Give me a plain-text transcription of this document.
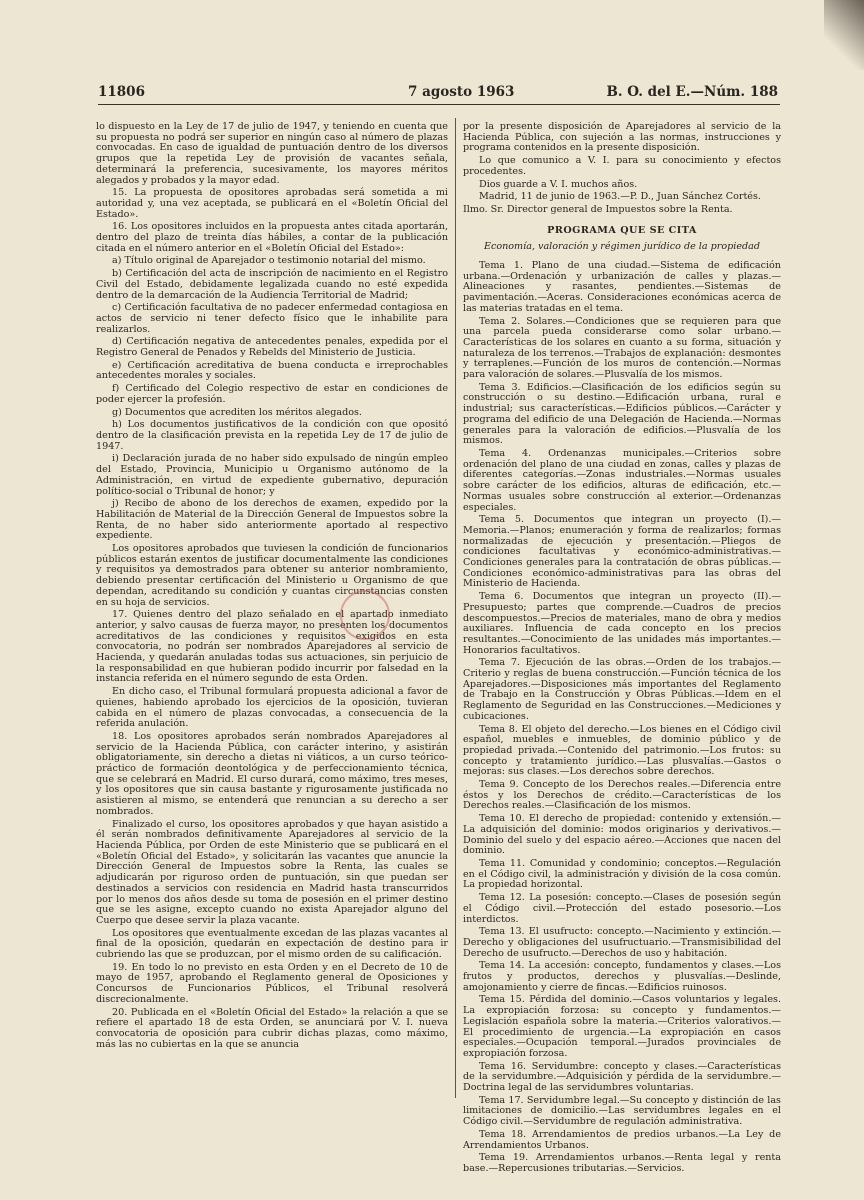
11806	7 agosto 1963	B. O. del E.—Núm. 188

lo dispuesto en la Ley de 17 de julio de 1947, y teniendo en cuenta que su propuesta no podrá ser superior en ningún caso al número de plazas convocadas. En caso de igualdad de puntuación dentro de los diversos grupos que la repetida Ley de provisión de vacantes señala, determinará la preferencia, sucesivamente, los mayores méritos alegados y probados y la mayor edad.

15. La propuesta de opositores aprobadas será sometida a mi autoridad y, una vez aceptada, se publicará en el «Boletín Oficial del Estado».

16. Los opositores incluidos en la propuesta antes citada aportarán, dentro del plazo de treinta días hábiles, a contar de la publicación citada en el número anterior en el «Boletín Oficial del Estado»:

a) Título original de Aparejador o testimonio notarial del mismo.

b) Certificación del acta de inscripción de nacimiento en el Registro Civil del Estado, debidamente legalizada cuando no esté expedida dentro de la demarcación de la Audiencia Territorial de Madrid;

c) Certificación facultativa de no padecer enfermedad contagiosa en actos de servicio ni tener defecto físico que le inhabilite para realizarlos.

d) Certificación negativa de antecedentes penales, expedida por el Registro General de Penados y Rebelds del Ministerio de Justicia.

e) Certificación acreditativa de buena conducta e irreprochables antecedentes morales y sociales.

f) Certificado del Colegio respectivo de estar en condiciones de poder ejercer la profesión.

g) Documentos que acrediten los méritos alegados.

h) Los documentos justificativos de la condición con que opositó dentro de la clasificación prevista en la repetida Ley de 17 de julio de 1947.

i) Declaración jurada de no haber sido expulsado de ningún empleo del Estado, Provincia, Municipio u Organismo autónomo de la Administración, en virtud de expediente gubernativo, depuración político-social o Tribunal de honor; y

j) Recibo de abono de los derechos de examen, expedido por la Habilitación de Material de la Dirección General de Impuestos sobre la Renta, de no haber sido anteriormente aportado al respectivo expediente.

Los opositores aprobados que tuviesen la condición de funcionarios públicos estarán exentos de justificar documentalmente las condiciones y requisitos ya demostrados para obtener su anterior nombramiento, debiendo presentar certificación del Ministerio u Organismo de que dependan, acreditando su condición y cuantas circunstancias consten en su hoja de servicios.

17. Quienes dentro del plazo señalado en el apartado inmediato anterior, y salvo causas de fuerza mayor, no presenten los documentos acreditativos de las condiciones y requisitos exigidos en esta convocatoria, no podrán ser nombrados Aparejadores al servicio de Hacienda, y quedarán anuladas todas sus actuaciones, sin perjuicio de la responsabilidad en que hubieran podido incurrir por falsedad en la instancia referida en el número segundo de esta Orden.

En dicho caso, el Tribunal formulará propuesta adicional a favor de quienes, habiendo aprobado los ejercicios de la oposición, tuvieran cabida en el número de plazas convocadas, a consecuencia de la referida anulación.

18. Los opositores aprobados serán nombrados Aparejadores al servicio de la Hacienda Pública, con carácter interino, y asistirán obligatoriamente, sin derecho a dietas ni viáticos, a un curso teórico-práctico de formación deontológica y de perfeccionamiento técnica, que se celebrará en Madrid. El curso durará, como máximo, tres meses, y los opositores que sin causa bastante y rigurosamente justificada no asistieren al mismo, se entenderá que renuncian a su derecho a ser nombrados.

Finalizado el curso, los opositores aprobados y que hayan asistido a él serán nombrados definitivamente Aparejadores al servicio de la Hacienda Pública, por Orden de este Ministerio que se publicará en el «Boletín Oficial del Estado», y solicitarán las vacantes que anuncie la Dirección General de Impuestos sobre la Renta, las cuales se adjudicarán por riguroso orden de puntuación, sin que puedan ser destinados a servicios con residencia en Madrid hasta transcurridos por lo menos dos años desde su toma de posesión en el primer destino que se les asigne, excepto cuando no exista Aparejador alguno del Cuerpo que desee servir la plaza vacante.

Los opositores que eventualmente excedan de las plazas vacantes al final de la oposición, quedarán en expectación de destino para ir cubriendo las que se produzcan, por el mismo orden de su calificación.

19. En todo lo no previsto en esta Orden y en el Decreto de 10 de mayo de 1957, aprobando el Reglamento general de Oposiciones y Concursos de Funcionarios Públicos, el Tribunal resolverá discrecionalmente.

20. Publicada en el «Boletín Oficial del Estado» la relación a que se refiere el apartado 18 de esta Orden, se anunciará por V. I. nueva convocatoria de oposición para cubrir dichas plazas, como máximo, más las no cubiertas en la que se anuncia

por la presente disposición de Aparejadores al servicio de la Hacienda Pública, con sujeción a las normas, instrucciones y programa contenidos en la presente disposición.

Lo que comunico a V. I. para su conocimiento y efectos procedentes.

Dios guarde a V. I. muchos años.

Madrid, 11 de junio de 1963.—P. D., Juan Sánchez Cortés.

Ilmo. Sr. Director general de Impuestos sobre la Renta.

PROGRAMA QUE SE CITA

Economía, valoración y régimen jurídico de la propiedad

Tema 1. Plano de una ciudad.—Sistema de edificación urbana.—Ordenación y urbanización de calles y plazas.—Alineaciones y rasantes, pendientes.—Sistemas de pavimentación.—Aceras. Consideraciones económicas acerca de las materias tratadas en el tema.

Tema 2. Solares.—Condiciones que se requieren para que una parcela pueda considerarse como solar urbano.—Características de los solares en cuanto a su forma, situación y naturaleza de los terrenos.—Trabajos de explanación: desmontes y terraplenes.—Función de los muros de contención.—Normas para valoración de solares.—Plusvalía de los mismos.

Tema 3. Edificios.—Clasificación de los edificios según su construcción o su destino.—Edificación urbana, rural e industrial; sus características.—Edificios públicos.—Carácter y programa del edificio de una Delegación de Hacienda.—Normas generales para la valoración de edificios.—Plusvalía de los mismos.

Tema 4. Ordenanzas municipales.—Criterios sobre ordenación del plano de una ciudad en zonas, calles y plazas de diferentes categorías.—Zonas industriales.—Normas usuales sobre carácter de los edificios, alturas de edificación, etc.—Normas usuales sobre construcción al exterior.—Ordenanzas especiales.

Tema 5. Documentos que integran un proyecto (I).—Memoria.—Planos; enumeración y forma de realizarlos; formas normalizadas de ejecución y presentación.—Pliegos de condiciones facultativas y económico-administrativas.—Condiciones generales para la contratación de obras públicas.—Condiciones económico-administrativas para las obras del Ministerio de Hacienda.

Tema 6. Documentos que integran un proyecto (II).—Presupuesto; partes que comprende.—Cuadros de precios descompuestos.—Precios de materiales, mano de obra y medios auxiliares. Influencia de cada concepto en los precios resultantes.—Conocimiento de las unidades más importantes.—Honorarios facultativos.

Tema 7. Ejecución de las obras.—Orden de los trabajos.—Criterio y reglas de buena construcción.—Función técnica de los Aparejadores.—Disposiciones más importantes del Reglamento de Trabajo en la Construcción y Obras Públicas.—Idem en el Reglamento de Seguridad en las Construcciones.—Mediciones y cubicaciones.

Tema 8. El objeto del derecho.—Los bienes en el Código civil español, muebles e inmuebles, de dominio público y de propiedad privada.—Contenido del patrimonio.—Los frutos: su concepto y tratamiento jurídico.—Las plusvalías.—Gastos o mejoras: sus clases.—Los derechos sobre derechos.

Tema 9. Concepto de los Derechos reales.—Diferencia entre éstos y los Derechos de crédito.—Características de los Derechos reales.—Clasificación de los mismos.

Tema 10. El derecho de propiedad: contenido y extensión.—La adquisición del dominio: modos originarios y derivativos.—Dominio del suelo y del espacio aéreo.—Acciones que nacen del dominio.

Tema 11. Comunidad y condominio; conceptos.—Regulación en el Código civil, la administración y división de la cosa común. La propiedad horizontal.

Tema 12. La posesión: concepto.—Clases de posesión según el Código civil.—Protección del estado posesorio.—Los interdictos.

Tema 13. El usufructo: concepto.—Nacimiento y extinción.—Derecho y obligaciones del usufructuario.—Transmisibilidad del Derecho de usufructo.—Derechos de uso y habitación.

Tema 14. La accesión: concepto, fundamentos y clases.—Los frutos y productos, derechos y plusvalías.—Deslinde, amojonamiento y cierre de fincas.—Edificios ruinosos.

Tema 15. Pérdida del dominio.—Casos voluntarios y legales. La expropiación forzosa: su concepto y fundamentos.—Legislación española sobre la materia.—Criterios valorativos.—El procedimiento de urgencia.—La expropiación en casos especiales.—Ocupación temporal.—Jurados provinciales de expropiación forzosa.

Tema 16. Servidumbre: concepto y clases.—Características de la servidumbre.—Adquisición y pérdida de la servidumbre.—Doctrina legal de las servidumbres voluntarias.

Tema 17. Servidumbre legal.—Su concepto y distinción de las limitaciones de domicilio.—Las servidumbres legales en el Código civil.—Servidumbre de regulación administrativa.

Tema 18. Arrendamientos de predios urbanos.—La Ley de Arrendamientos Urbanos.

Tema 19. Arrendamientos urbanos.—Renta legal y renta base.—Repercusiones tributarias.—Servicios.
